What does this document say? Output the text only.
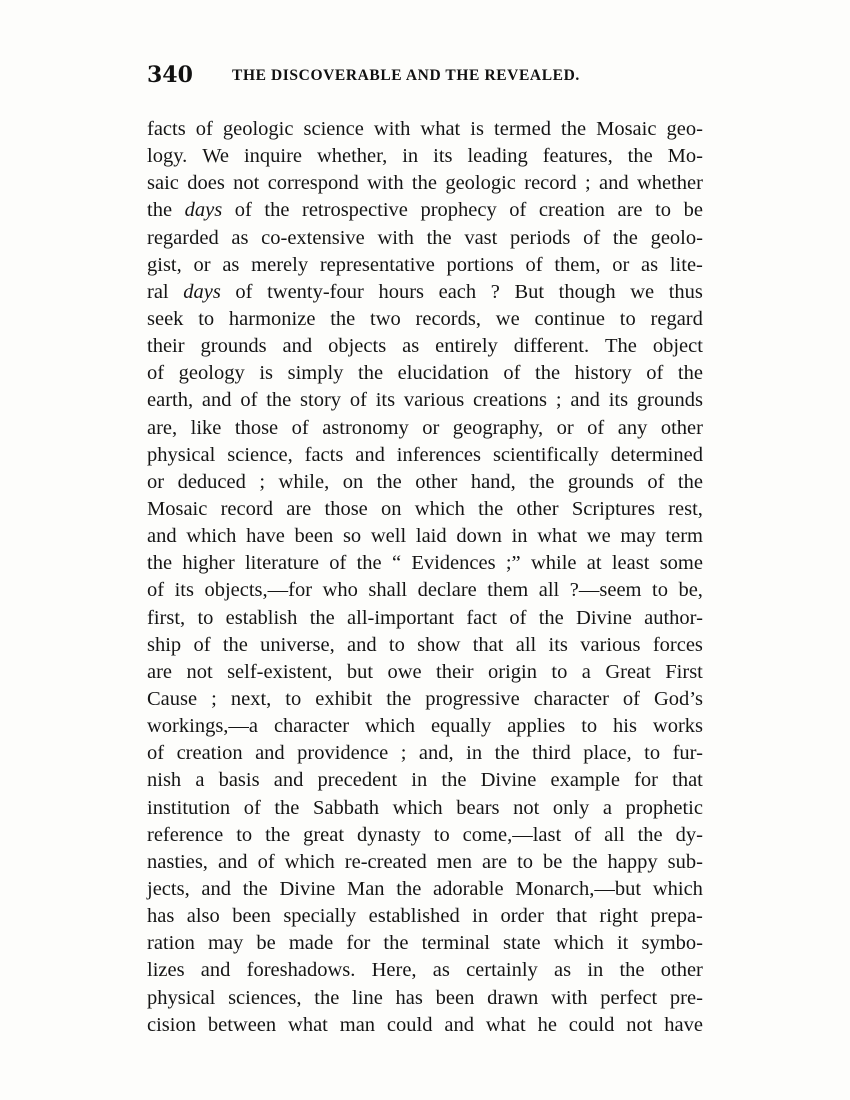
340	THE DISCOVERABLE AND THE REVEALED.
facts of geologic science with what is termed the Mosaic geo-
logy. We inquire whether, in its leading features, the Mo-
saic does not correspond with the geologic record ; and whether
the days of the retrospective prophecy of creation are to be
regarded as co-extensive with the vast periods of the geolo-
gist, or as merely representative portions of them, or as lite-
ral days of twenty-four hours each ? But though we thus
seek to harmonize the two records, we continue to regard
their grounds and objects as entirely different. The object
of geology is simply the elucidation of the history of the
earth, and of the story of its various creations ; and its grounds
are, like those of astronomy or geography, or of any other
physical science, facts and inferences scientifically determined
or deduced ; while, on the other hand, the grounds of the
Mosaic record are those on which the other Scriptures rest,
and which have been so well laid down in what we may term
the higher literature of the “ Evidences ;” while at least some
of its objects,—for who shall declare them all ?—seem to be,
first, to establish the all-important fact of the Divine author-
ship of the universe, and to show that all its various forces
are not self-existent, but owe their origin to a Great First
Cause ; next, to exhibit the progressive character of God’s
workings,—a character which equally applies to his works
of creation and providence ; and, in the third place, to fur-
nish a basis and precedent in the Divine example for that
institution of the Sabbath which bears not only a prophetic
reference to the great dynasty to come,—last of all the dy-
nasties, and of which re-created men are to be the happy sub-
jects, and the Divine Man the adorable Monarch,—but which
has also been specially established in order that right prepa-
ration may be made for the terminal state which it symbo-
lizes and foreshadows. Here, as certainly as in the other
physical sciences, the line has been drawn with perfect pre-
cision between what man could and what he could not have
